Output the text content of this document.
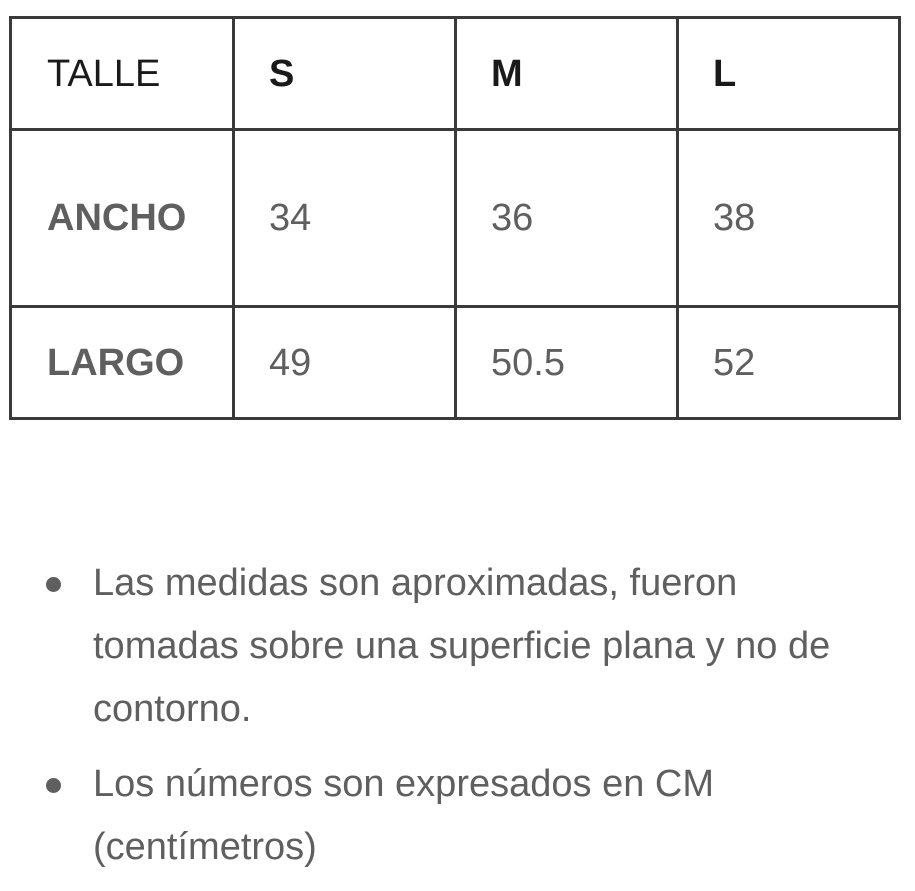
TALLE	S	M	L
ANCHO	34	36	38
LARGO	49	50.5	52
Las medidas son aproximadas, fueron tomadas sobre una superficie plana y no de contorno.
Los números son expresados en CM (centímetros)
